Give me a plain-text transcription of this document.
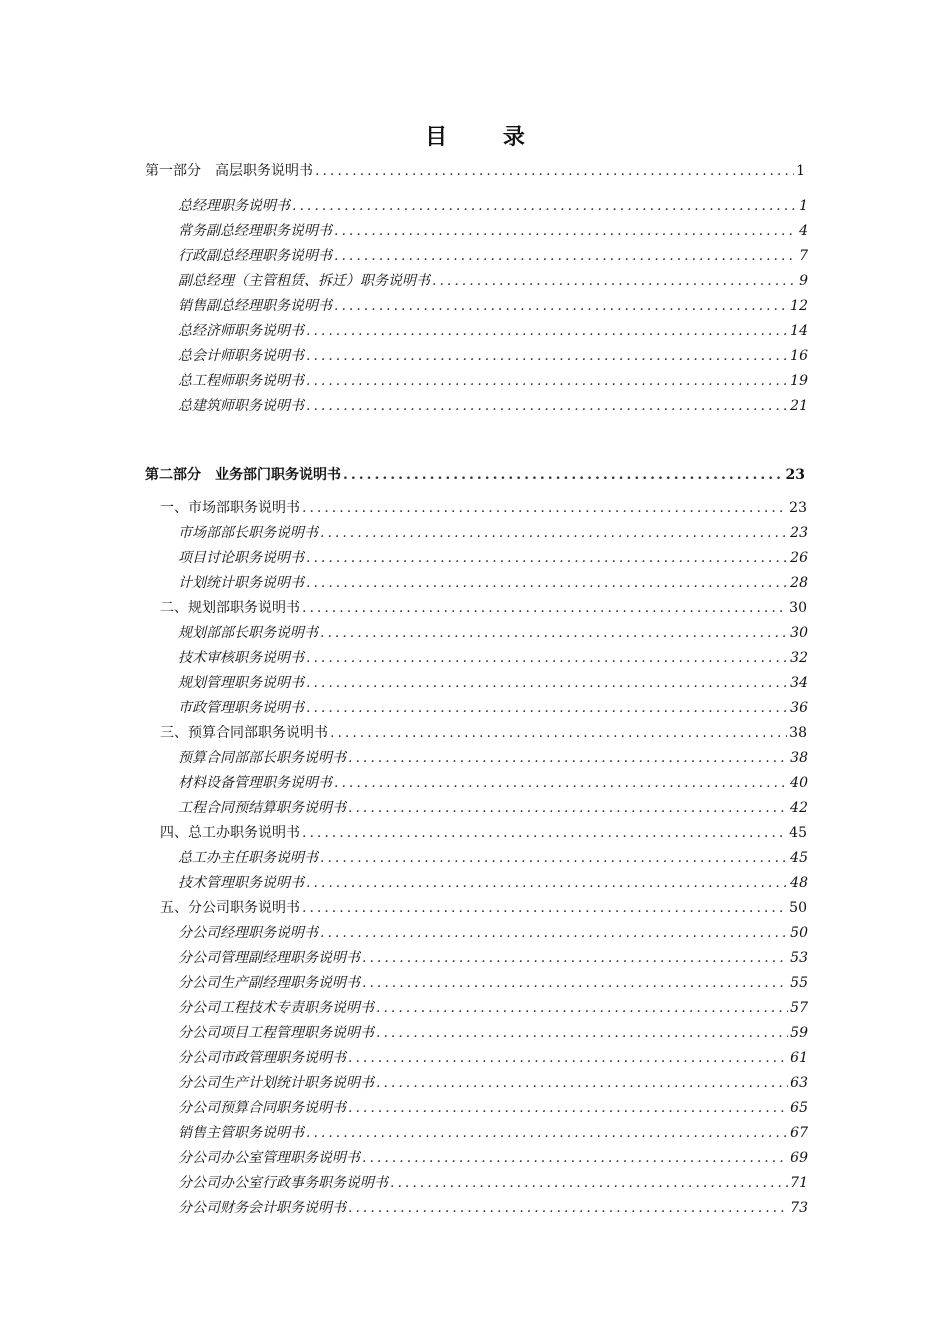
目 录
第一部分　高层职务说明书 .....	1
总经理职务说明书 .....	1
常务副总经理职务说明书 .....	4
行政副总经理职务说明书 .....	7
副总经理（主管租赁、拆迁）职务说明书 .....	9
销售副总经理职务说明书 .....	12
总经济师职务说明书 .....	14
总会计师职务说明书 .....	16
总工程师职务说明书 .....	19
总建筑师职务说明书 .....	21
第二部分　业务部门职务说明书 .....	23
一、市场部职务说明书 .....	23
市场部部长职务说明书 .....	23
项目讨论职务说明书 .....	26
计划统计职务说明书 .....	28
二、规划部职务说明书 .....	30
规划部部长职务说明书 .....	30
技术审核职务说明书 .....	32
规划管理职务说明书 .....	34
市政管理职务说明书 .....	36
三、预算合同部职务说明书 .....	38
预算合同部部长职务说明书 .....	38
材料设备管理职务说明书 .....	40
工程合同预结算职务说明书 .....	42
四、总工办职务说明书 .....	45
总工办主任职务说明书 .....	45
技术管理职务说明书 .....	48
五、分公司职务说明书 .....	50
分公司经理职务说明书 .....	50
分公司管理副经理职务说明书 .....	53
分公司生产副经理职务说明书 .....	55
分公司工程技术专责职务说明书 .....	57
分公司项目工程管理职务说明书 .....	59
分公司市政管理职务说明书 .....	61
分公司生产计划统计职务说明书 .....	63
分公司预算合同职务说明书 .....	65
销售主管职务说明书 .....	67
分公司办公室管理职务说明书 .....	69
分公司办公室行政事务职务说明书 .....	71
分公司财务会计职务说明书 .....	73
